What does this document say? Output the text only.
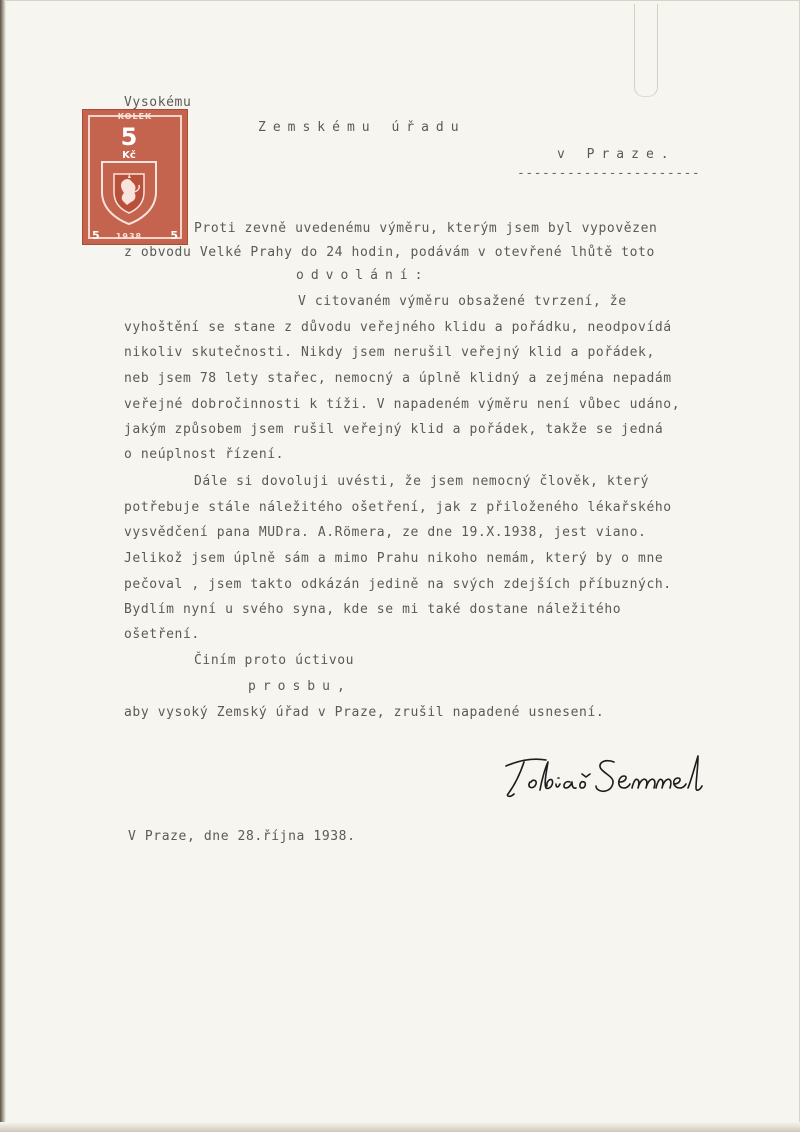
Vysokému
Zemskému úřadu
v Praze.
----------------------
KOLEK
5
Kč
5	1938	5 Proti zevně uvedenému výměru, kterým jsem byl vypovězen
z obvodu Velké Prahy do 24 hodin, podávám v otevřené lhůtě toto
odvolání:
V citovaném výměru obsažené tvrzení, že
vyhoštění se stane z důvodu veřejného klidu a pořádku, neodpovídá
nikoliv skutečnosti. Nikdy jsem nerušil veřejný klid a pořádek,
neb jsem 78 lety stařec, nemocný a úplně klidný a zejména nepadám
veřejné dobročinnosti k tíži. V napadeném výměru není vůbec udáno,
jakým způsobem jsem rušil veřejný klid a pořádek, takže se jedná
o neúplnost řízení.
Dále si dovoluji uvésti, že jsem nemocný člověk, který
potřebuje stále náležitého ošetření, jak z přiloženého lékařského
vysvědčení pana MUDra. A.Römera, ze dne 19.X.1938, jest viano.
Jelikož jsem úplně sám a mimo Prahu nikoho nemám, který by o mne
pečoval , jsem takto odkázán jedině na svých zdejších příbuzných.
Bydlím nyní u svého syna, kde se mi také dostane náležitého
ošetření.
Činím proto úctivou
prosbu,
aby vysoký Zemský úřad v Praze, zrušil napadené usnesení.
V Praze, dne 28.října 1938.
